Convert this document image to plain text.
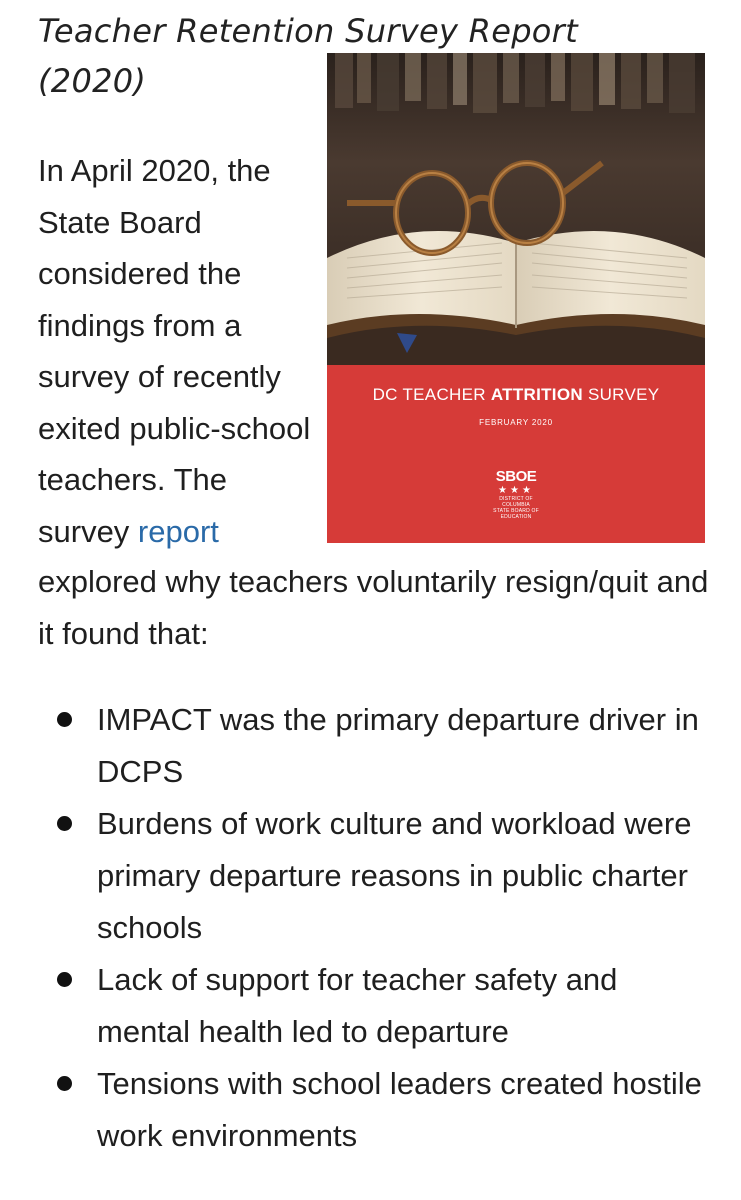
Teacher Retention Survey Report (2020)

In April 2020, the State Board considered the findings from a survey of recently exited public-school teachers. The survey report

explored why teachers voluntarily resign/quit and it found that:

DC TEACHER ATTRITION SURVEY
FEBRUARY 2020
SBOE
★★★
DISTRICT OF COLUMBIA
STATE BOARD OF
EDUCATION
IMPACT was the primary departure driver in DCPS
Burdens of work culture and workload were primary departure reasons in public charter schools
Lack of support for teacher safety and mental health led to departure
Tensions with school leaders created hostile work environments
